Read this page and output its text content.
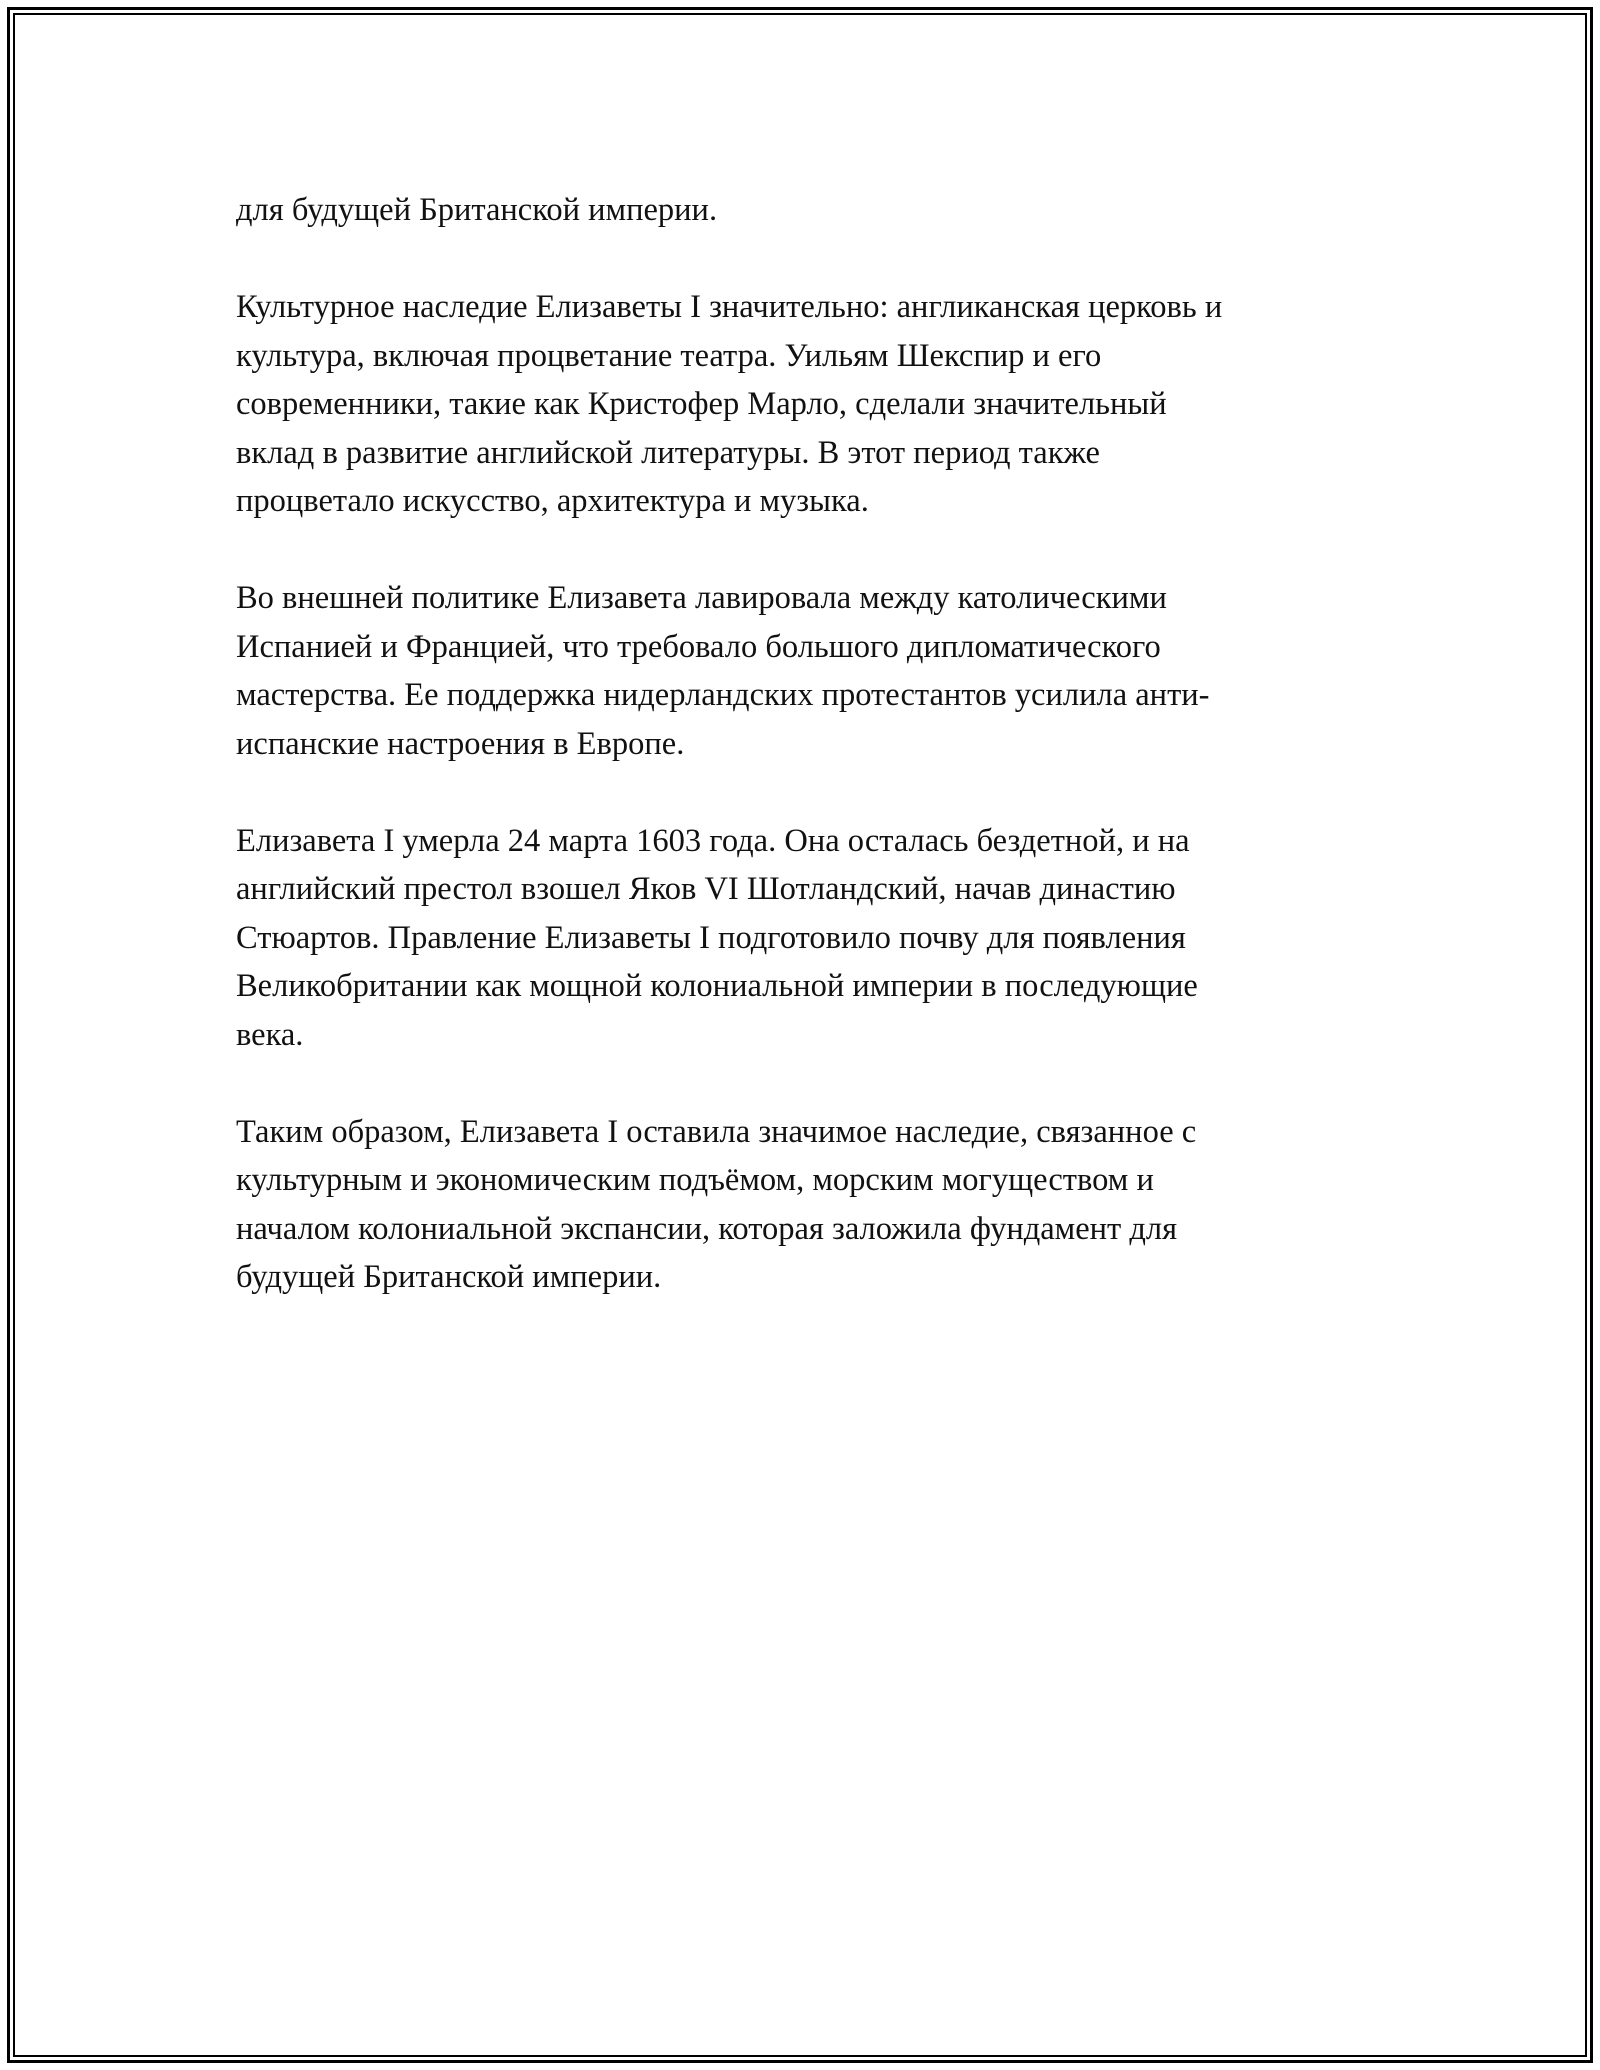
для будущей Британской империи.

Культурное наследие Елизаветы I значительно: англиканская церковь и
культура, включая процветание театра. Уильям Шекспир и его
современники, такие как Кристофер Марло, сделали значительный
вклад в развитие английской литературы. В этот период также
процветало искусство, архитектура и музыка.

Во внешней политике Елизавета лавировала между католическими
Испанией и Францией, что требовало большого дипломатического
мастерства. Ее поддержка нидерландских протестантов усилила анти-
испанские настроения в Европе.

Елизавета I умерла 24 марта 1603 года. Она осталась бездетной, и на
английский престол взошел Яков VI Шотландский, начав династию
Стюартов. Правление Елизаветы I подготовило почву для появления
Великобритании как мощной колониальной империи в последующие
века.

Таким образом, Елизавета I оставила значимое наследие, связанное с
культурным и экономическим подъёмом, морским могуществом и
началом колониальной экспансии, которая заложила фундамент для
будущей Британской империи.
